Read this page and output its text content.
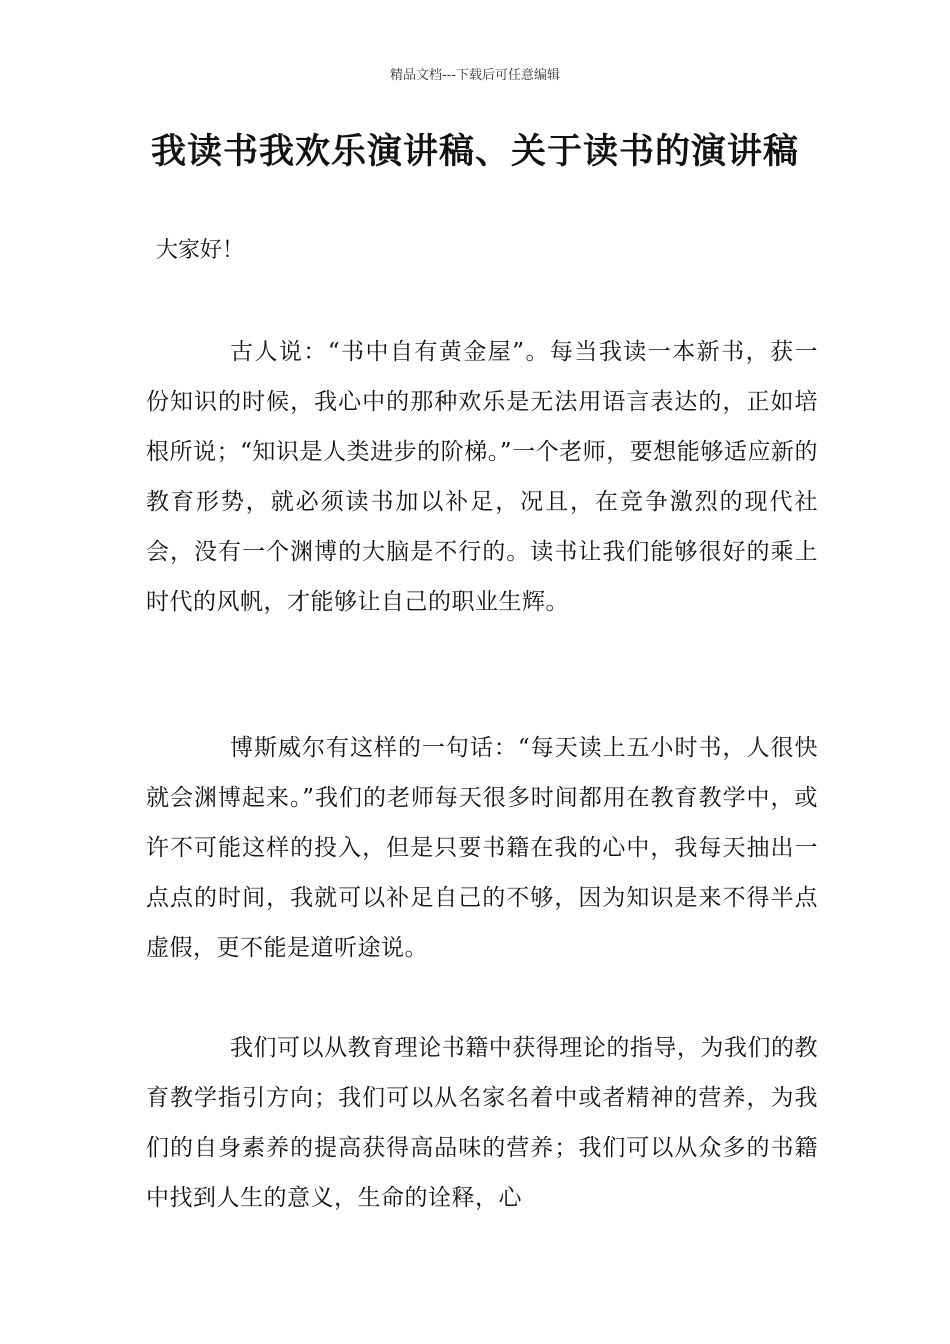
精品文档---下载后可任意编辑
我读书我欢乐演讲稿、关于读书的演讲稿
大家好！
古人说：“书中自有黄金屋”。每当我读一本新书，获一份知识的时候，我心中的那种欢乐是无法用语言表达的，正如培根所说；“知识是人类进步的阶梯。”一个老师，要想能够适应新的教育形势，就必须读书加以补足，况且，在竞争激烈的现代社会，没有一个渊博的大脑是不行的。读书让我们能够很好的乘上时代的风帆，才能够让自己的职业生辉。
博斯威尔有这样的一句话：“每天读上五小时书，人很快就会渊博起来。”我们的老师每天很多时间都用在教育教学中，或许不可能这样的投入，但是只要书籍在我的心中，我每天抽出一点点的时间，我就可以补足自己的不够，因为知识是来不得半点虚假，更不能是道听途说。
我们可以从教育理论书籍中获得理论的指导，为我们的教育教学指引方向；我们可以从名家名着中或者精神的营养，为我们的自身素养的提高获得高品味的营养；我们可以从众多的书籍中找到人生的意义，生命的诠释，心
